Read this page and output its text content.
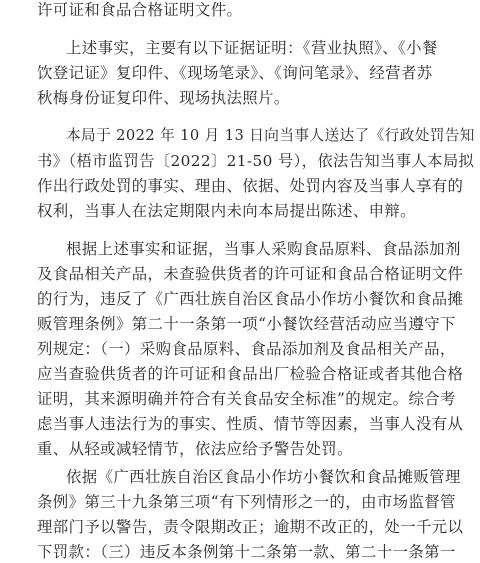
许可证和食品合格证明文件。
上述事实，主要有以下证据证明：《营业执照》、《小餐
饮登记证》复印件、《现场笔录》、《询问笔录》、经营者苏
秋梅身份证复印件、现场执法照片。
本局于 2022 年 10 月 13 日向当事人送达了《行政处罚告知
书》（梧市监罚告〔2022〕21-50 号），依法告知当事人本局拟
作出行政处罚的事实、理由、依据、处罚内容及当事人享有的
权利，当事人在法定期限内未向本局提出陈述、申辩。
根据上述事实和证据，当事人采购食品原料、食品添加剂
及食品相关产品，未查验供货者的许可证和食品合格证明文件
的行为，违反了《广西壮族自治区食品小作坊小餐饮和食品摊
贩管理条例》第二十一条第一项“小餐饮经营活动应当遵守下
列规定：（一）采购食品原料、食品添加剂及食品相关产品，
应当查验供货者的许可证和食品出厂检验合格证或者其他合格
证明，其来源明确并符合有关食品安全标准”的规定。综合考
虑当事人违法行为的事实、性质、情节等因素，当事人没有从
重、从轻或减轻情节，依法应给予警告处罚。
依据《广西壮族自治区食品小作坊小餐饮和食品摊贩管理
条例》第三十九条第三项“有下列情形之一的，由市场监督管
理部门予以警告，责令限期改正；逾期不改正的，处一千元以
下罚款：（三）违反本条例第十二条第一款、第二十一条第一
